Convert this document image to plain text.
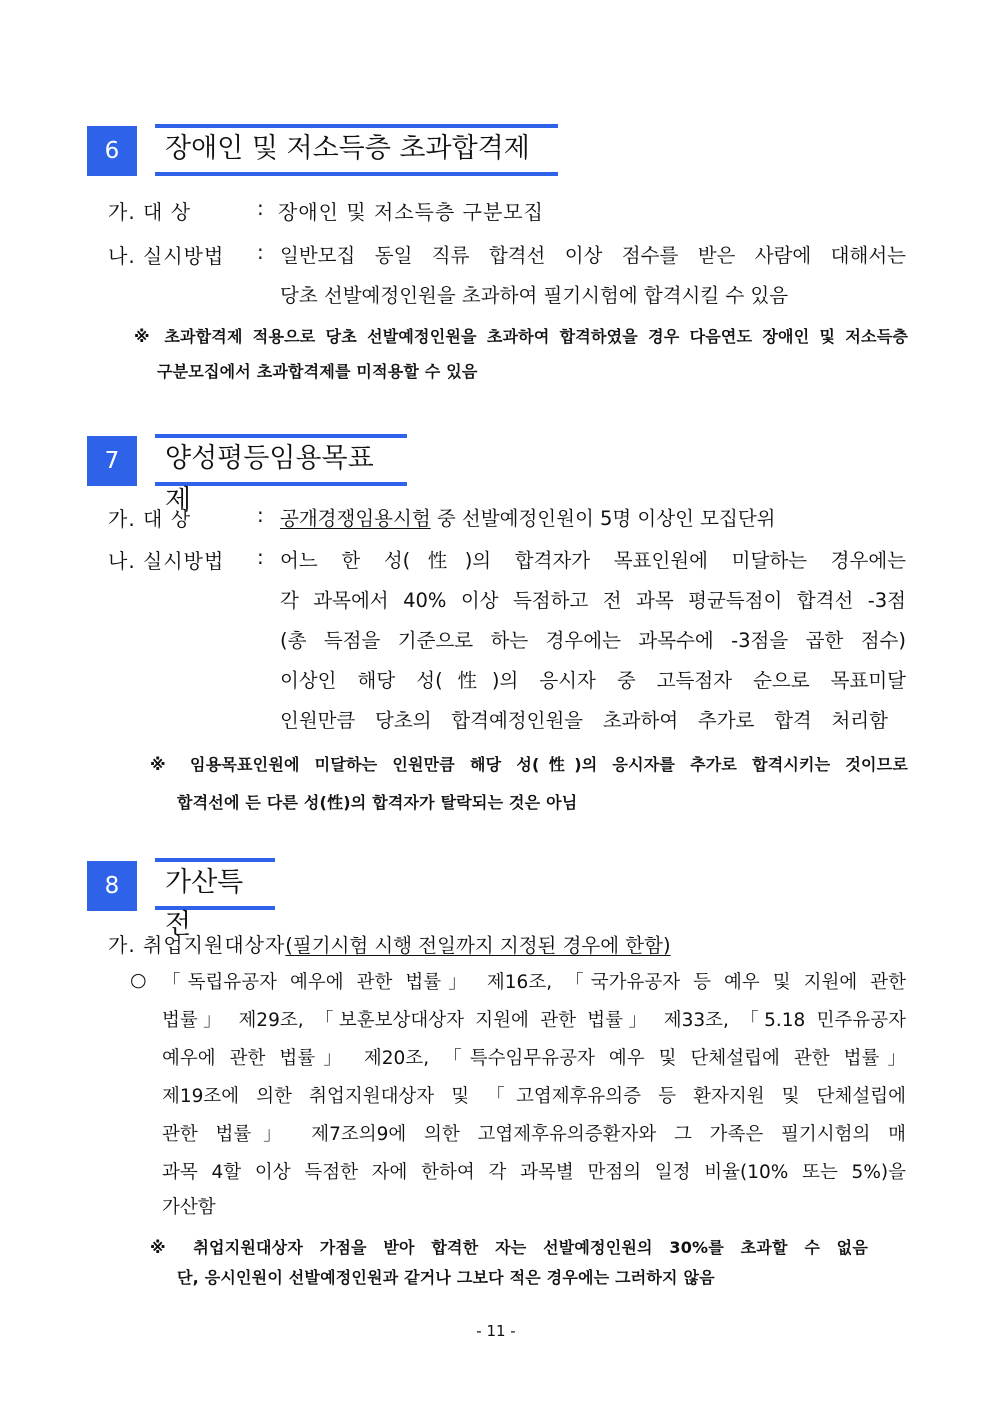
6	장애인 및 저소득층 초과합격제
가. 대 상	: 장애인 및 저소득층 구분모집
나. 실시방법 : 일반모집 동일 직류 합격선 이상 점수를 받은 사람에 대해서는
당초 선발예정인원을 초과하여 필기시험에 합격시킬 수 있음
※ 초과합격제 적용으로 당초 선발예정인원을 초과하여 합격하였을 경우 다음연도 장애인 및 저소득층
구분모집에서 초과합격제를 미적용할 수 있음
7	양성평등임용목표제
가. 대 상	: 공개경쟁임용시험 중 선발예정인원이 5명 이상인 모집단위
나. 실시방법 : 어느 한 성(性)의 합격자가 목표인원에 미달하는 경우에는
각 과목에서 40% 이상 득점하고 전 과목 평균득점이 합격선 -3점
(총 득점을 기준으로 하는 경우에는 과목수에 -3점을 곱한 점수)
이상인 해당 성(性)의 응시자 중 고득점자 순으로 목표미달
인원만큼 당초의 합격예정인원을 초과하여 추가로 합격 처리함
※ 임용목표인원에 미달하는 인원만큼 해당 성(性)의 응시자를 추가로 합격시키는 것이므로
합격선에 든 다른 성(性)의 합격자가 탈락되는 것은 아님
8	가산특전
가. 취업지원대상자(필기시험 시행 전일까지 지정된 경우에 한함)
○ 「독립유공자 예우에 관한 법률」 제16조, 「국가유공자 등 예우 및 지원에 관한
법률」 제29조, 「보훈보상대상자 지원에 관한 법률」 제33조, 「5.18 민주유공자
예우에 관한 법률」 제20조, 「특수임무유공자 예우 및 단체설립에 관한 법률」
제19조에 의한 취업지원대상자 및 「고엽제후유의증 등 환자지원 및 단체설립에
관한 법률」 제7조의9에 의한 고엽제후유의증환자와 그 가족은 필기시험의 매
과목 4할 이상 득점한 자에 한하여 각 과목별 만점의 일정 비율(10% 또는 5%)을
가산함
※ 취업지원대상자 가점을 받아 합격한 자는 선발예정인원의 30%를 초과할 수 없음
단, 응시인원이 선발예정인원과 같거나 그보다 적은 경우에는 그러하지 않음
- 11 -
